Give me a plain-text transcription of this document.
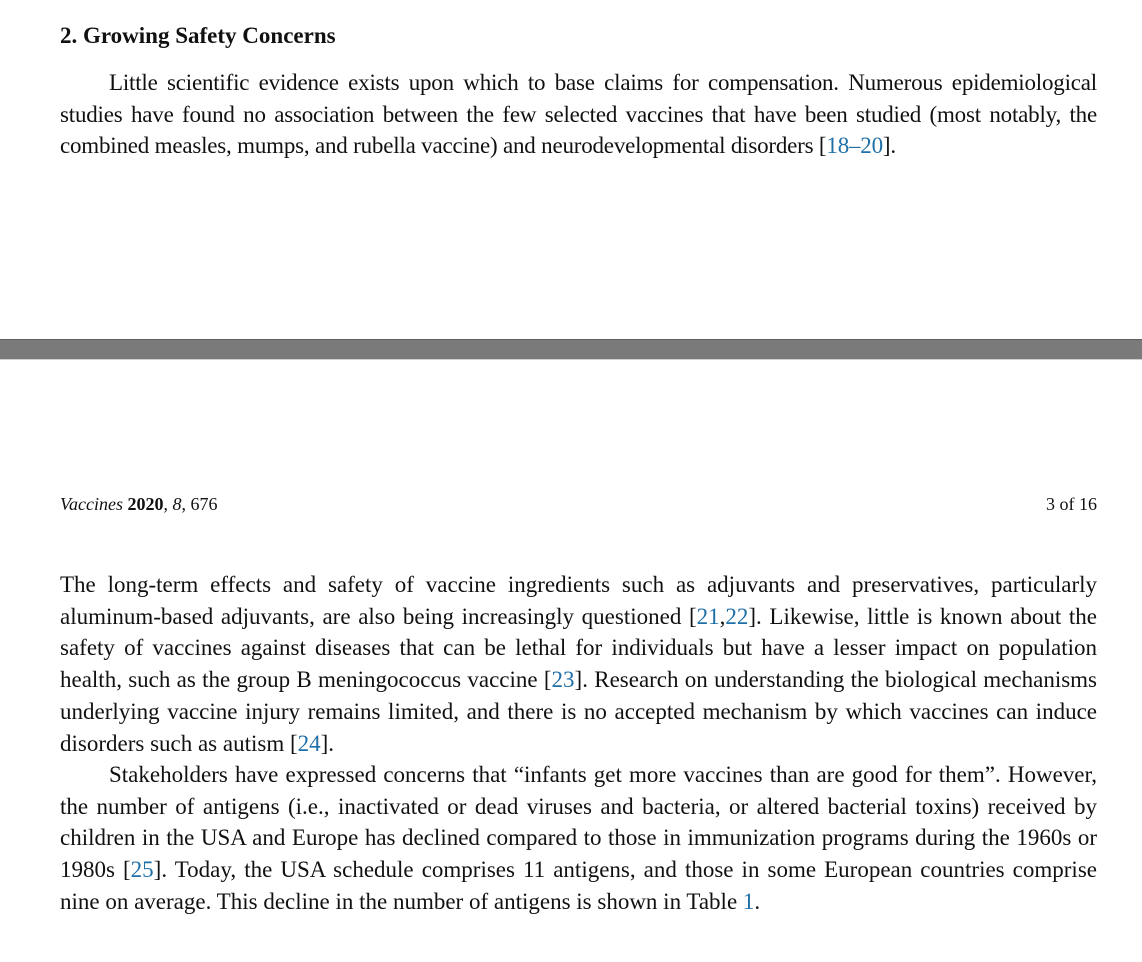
2. Growing Safety Concerns

Little scientific evidence exists upon which to base claims for compensation. Numerous epidemiological studies have found no association between the few selected vaccines that have been studied (most notably, the combined measles, mumps, and rubella vaccine) and neurodevelopmental disorders [18–20].

Vaccines 2020, 8, 676	3 of 16

The long-term effects and safety of vaccine ingredients such as adjuvants and preservatives, particularly aluminum-based adjuvants, are also being increasingly questioned [21,22]. Likewise, little is known about the safety of vaccines against diseases that can be lethal for individuals but have a lesser impact on population health, such as the group B meningococcus vaccine [23]. Research on understanding the biological mechanisms underlying vaccine injury remains limited, and there is no accepted mechanism by which vaccines can induce disorders such as autism [24].

Stakeholders have expressed concerns that “infants get more vaccines than are good for them”. However, the number of antigens (i.e., inactivated or dead viruses and bacteria, or altered bacterial toxins) received by children in the USA and Europe has declined compared to those in immunization programs during the 1960s or 1980s [25]. Today, the USA schedule comprises 11 antigens, and those in some European countries comprise nine on average. This decline in the number of antigens is shown in Table 1.
